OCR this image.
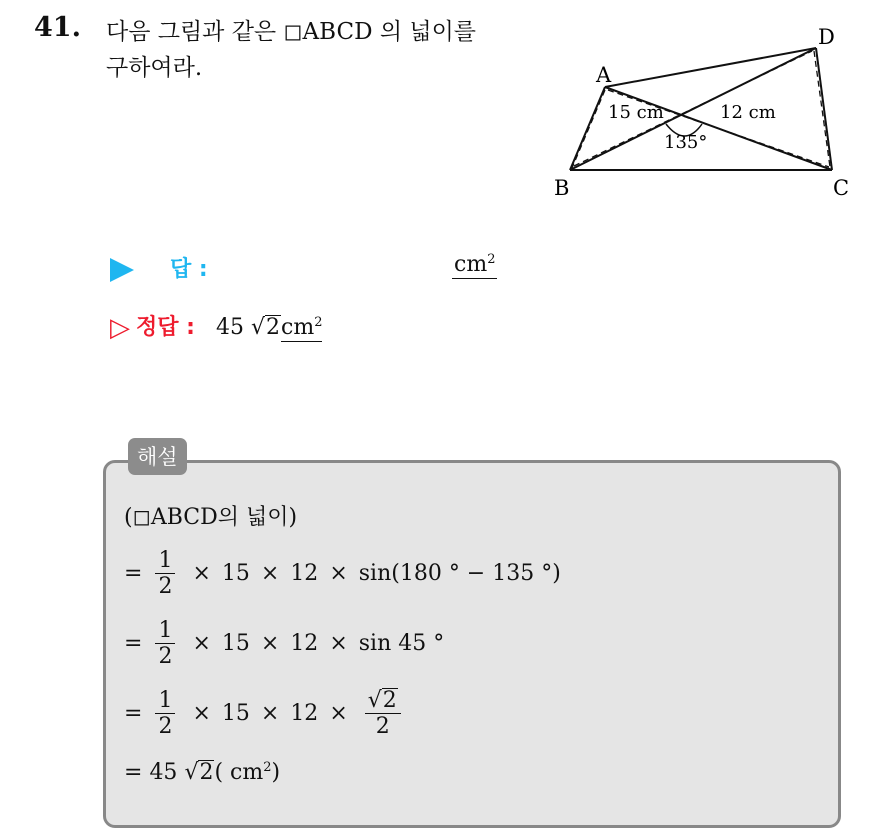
41. 다음 그림과 같은 ◻ABCD 의 넓이를
구하여라.	A
B	C
D
15 cm	12 cm
135°
답 :	$cm^2$
▷ 정답 : 45 $√2cm^2$
해설
(◻ABCD의 넓이)
= $\frac{1}{2} \times 15 \times 12 \times \sin(180$ ° − 135 °)
= $\frac{1}{2} \times 15 \times 12 \times \sin 45$ °
= $\frac{1}{2} \times 15 \times 12 \times \frac{√2}{2}$
= 45 √2( $cm^2$)
